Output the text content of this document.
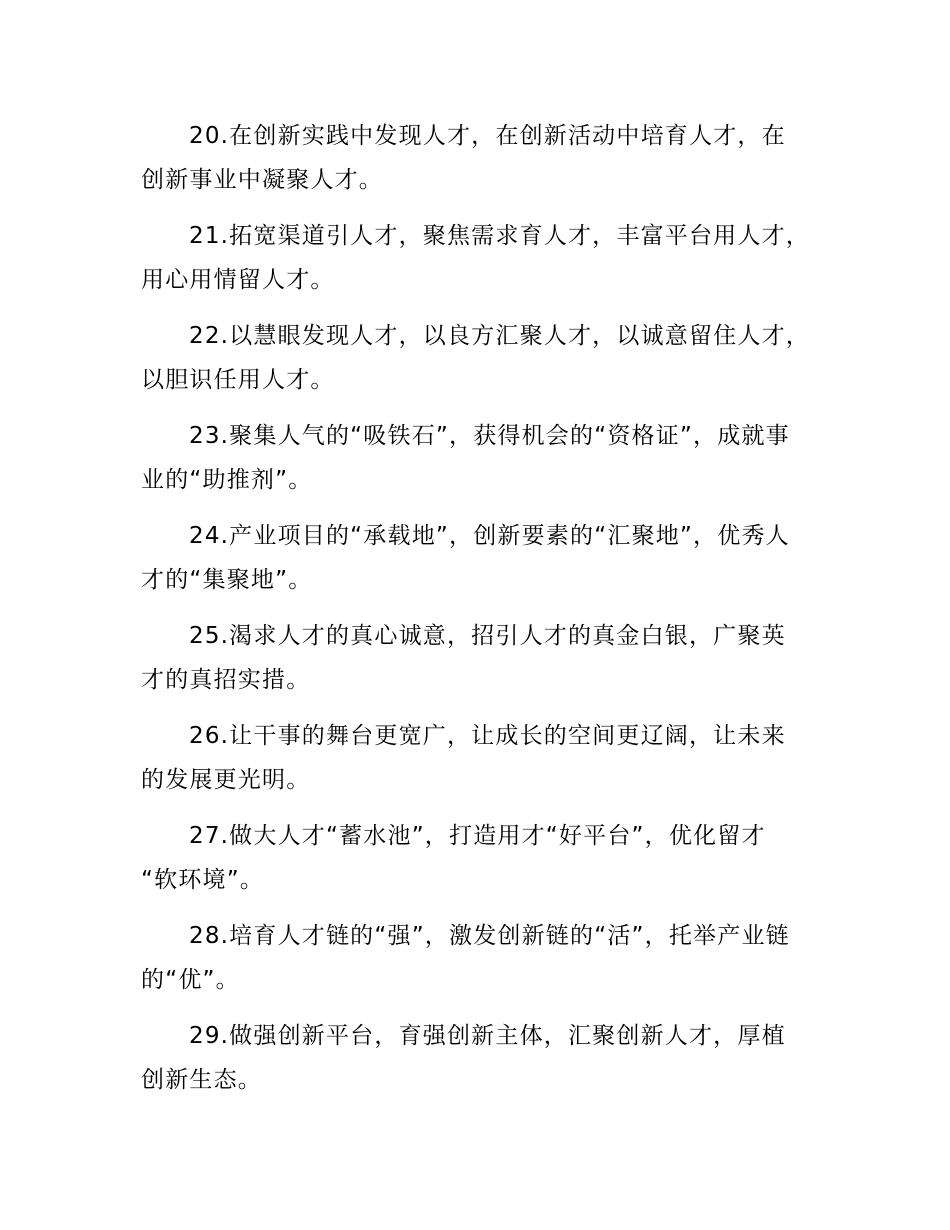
20.在创新实践中发现人才，在创新活动中培育人才，在
创新事业中凝聚人才。

21.拓宽渠道引人才，聚焦需求育人才，丰富平台用人才，
用心用情留人才。

22.以慧眼发现人才，以良方汇聚人才，以诚意留住人才，
以胆识任用人才。

23.聚集人气的“吸铁石”，获得机会的“资格证”，成就事
业的“助推剂”。

24.产业项目的“承载地”，创新要素的“汇聚地”，优秀人
才的“集聚地”。

25.渴求人才的真心诚意，招引人才的真金白银，广聚英
才的真招实措。

26.让干事的舞台更宽广，让成长的空间更辽阔，让未来
的发展更光明。

27.做大人才“蓄水池”，打造用才“好平台”，优化留才
“软环境”。

28.培育人才链的“强”，激发创新链的“活”，托举产业链
的“优”。

29.做强创新平台，育强创新主体，汇聚创新人才，厚植
创新生态。
